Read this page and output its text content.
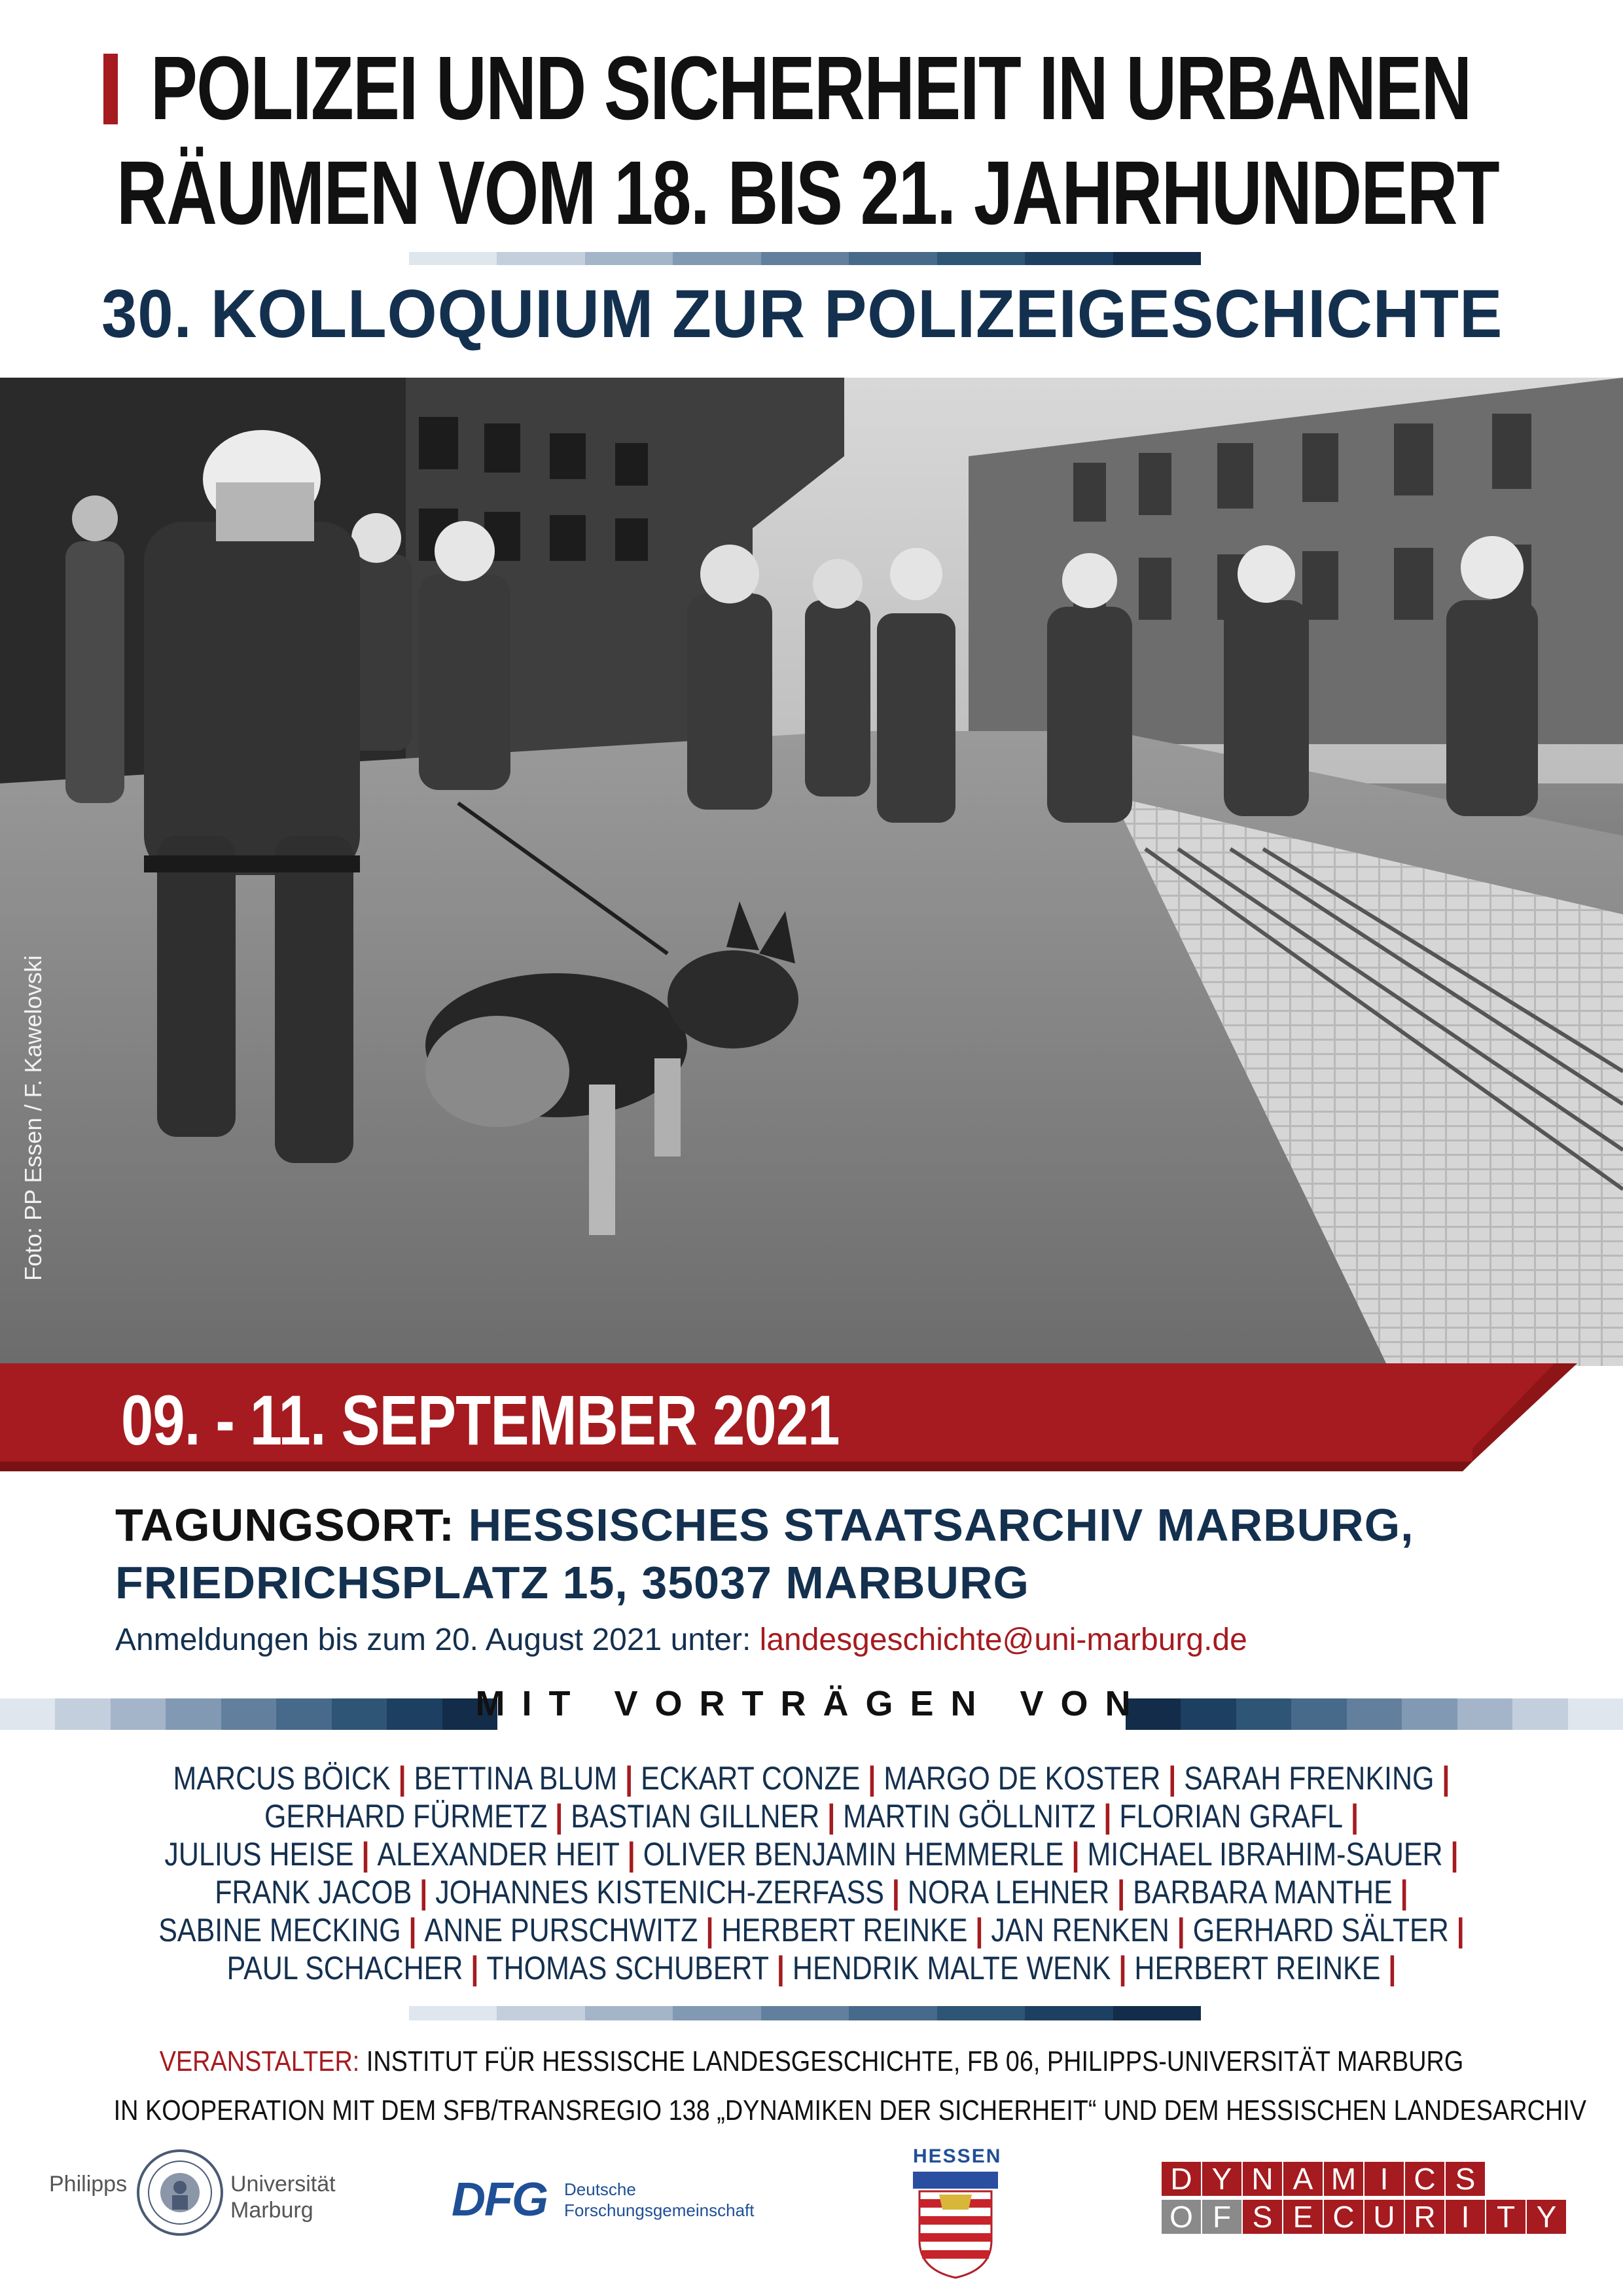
POLIZEI UND SICHERHEIT IN URBANEN
RÄUMEN VOM 18. BIS 21. JAHRHUNDERT
30. KOLLOQUIUM ZUR POLIZEIGESCHICHTE
Foto: PP Essen / F. Kawelovski
09. - 11. SEPTEMBER 2021
TAGUNGSORT: HESSISCHES STAATSARCHIV MARBURG,
FRIEDRICHSPLATZ 15, 35037 MARBURG
Anmeldungen bis zum 20. August 2021 unter: landesgeschichte@uni-marburg.de
MIT VORTRÄGEN VON
MARCUS BÖICK | BETTINA BLUM | ECKART CONZE | MARGO DE KOSTER | SARAH FRENKING |
GERHARD FÜRMETZ | BASTIAN GILLNER | MARTIN GÖLLNITZ | FLORIAN GRAFL |
JULIUS HEISE | ALEXANDER HEIT | OLIVER BENJAMIN HEMMERLE | MICHAEL IBRAHIM-SAUER |
FRANK JACOB | JOHANNES KISTENICH-ZERFASS | NORA LEHNER | BARBARA MANTHE |
SABINE MECKING | ANNE PURSCHWITZ | HERBERT REINKE | JAN RENKEN | GERHARD SÄLTER |
PAUL SCHACHER | THOMAS SCHUBERT | HENDRIK MALTE WENK | HERBERT REINKE |
VERANSTALTER: INSTITUT FÜR HESSISCHE LANDESGESCHICHTE, FB 06, PHILIPPS-UNIVERSITÄT MARBURG
IN KOOPERATION MIT DEM SFB/TRANSREGIO 138 „DYNAMIKEN DER SICHERHEIT“ UND DEM HESSISCHEN LANDESARCHIV
Philipps	Universität
Marburg	DFG Deutsche
Forschungsgemeinschaft
HESSEN
D Y N A M I C S
O F S E C U R I T Y
